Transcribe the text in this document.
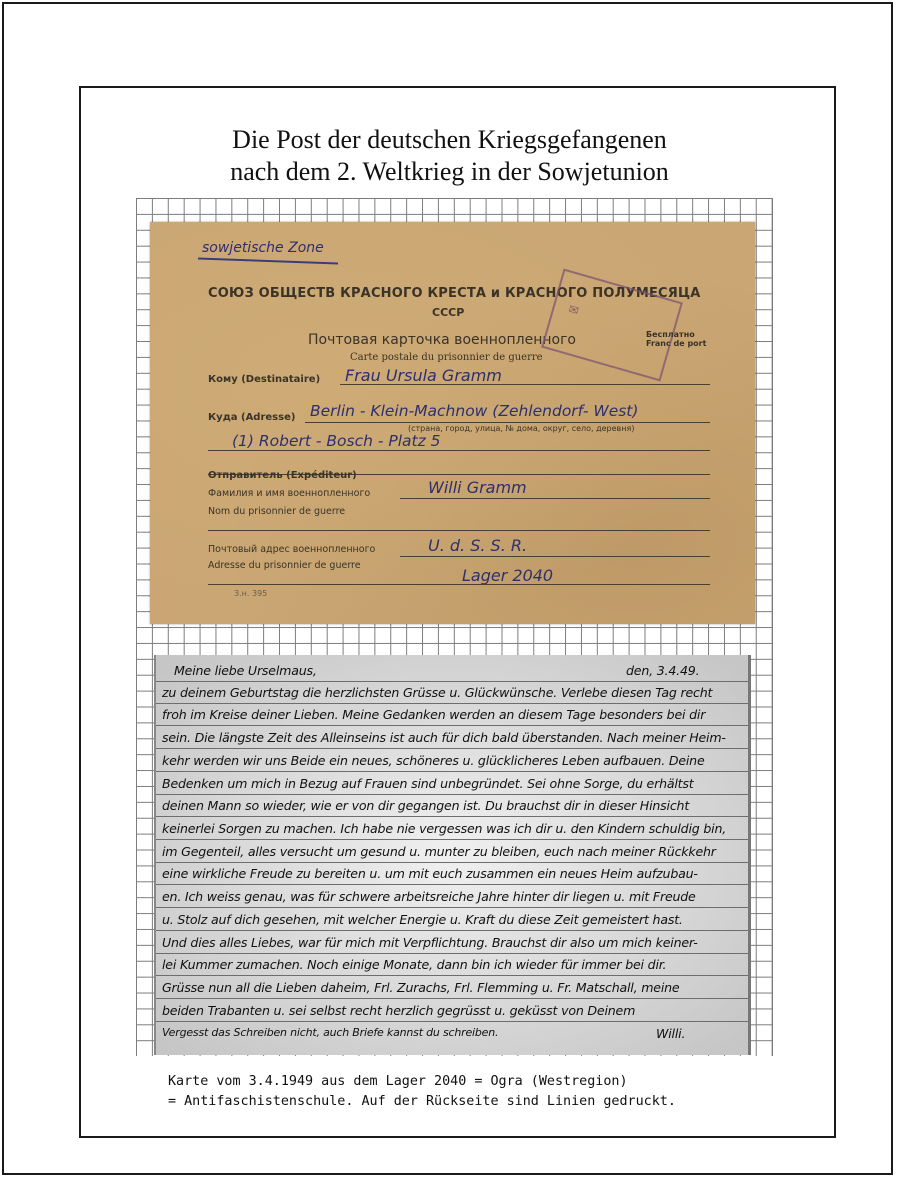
Die Post der deutschen Kriegsgefangenen
nach dem 2. Weltkrieg in der Sowjetunion
sowjetische Zone
СОЮЗ ОБЩЕСТВ КРАСНОГО КРЕСТА и КРАСНОГО ПОЛУМЕСЯЦА
СССР
Почтовая карточка военнопленного
Carte postale du prisonnier de guerre
✉
Бесплатно
Franc de port
Кому (Destinataire) Frau Ursula Gramm
Куда (Adresse) Berlin - Klein-Machnow (Zehlendorf- West)
(страна, город, улица, № дома, округ, село, деревня)
(1) Robert - Bosch - Platz 5
Отправитель (Expéditeur)
Фамилия и имя военнопленного
Nom du prisonnier de guerre
Willi Gramm
Почтовый адрес военнопленного
Adresse du prisonnier de guerre
U. d. S. S. R.
Lager 2040
З.н. 395
Meine liebe Urselmaus,	den, 3.4.49.
zu deinem Geburtstag die herzlichsten Grüsse u. Glückwünsche. Verlebe diesen Tag recht
froh im Kreise deiner Lieben. Meine Gedanken werden an diesem Tage besonders bei dir
sein. Die längste Zeit des Alleinseins ist auch für dich bald überstanden. Nach meiner Heim-
kehr werden wir uns Beide ein neues, schöneres u. glücklicheres Leben aufbauen. Deine
Bedenken um mich in Bezug auf Frauen sind unbegründet. Sei ohne Sorge, du erhältst
deinen Mann so wieder, wie er von dir gegangen ist. Du brauchst dir in dieser Hinsicht
keinerlei Sorgen zu machen. Ich habe nie vergessen was ich dir u. den Kindern schuldig bin,
im Gegenteil, alles versucht um gesund u. munter zu bleiben, euch nach meiner Rückkehr
eine wirkliche Freude zu bereiten u. um mit euch zusammen ein neues Heim aufzubau-
en. Ich weiss genau, was für schwere arbeitsreiche Jahre hinter dir liegen u. mit Freude
u. Stolz auf dich gesehen, mit welcher Energie u. Kraft du diese Zeit gemeistert hast.
Und dies alles Liebes, war für mich mit Verpflichtung. Brauchst dir also um mich keiner-
lei Kummer zumachen. Noch einige Monate, dann bin ich wieder für immer bei dir.
Grüsse nun all die Lieben daheim, Frl. Zurachs, Frl. Flemming u. Fr. Matschall, meine
beiden Trabanten u. sei selbst recht herzlich gegrüsst u. geküsst von Deinem
Vergesst das Schreiben nicht, auch Briefe kannst du schreiben.	Willi.
Karte vom 3.4.1949 aus dem Lager 2040 = Ogra (Westregion)
= Antifaschistenschule. Auf der Rückseite sind Linien gedruckt.
